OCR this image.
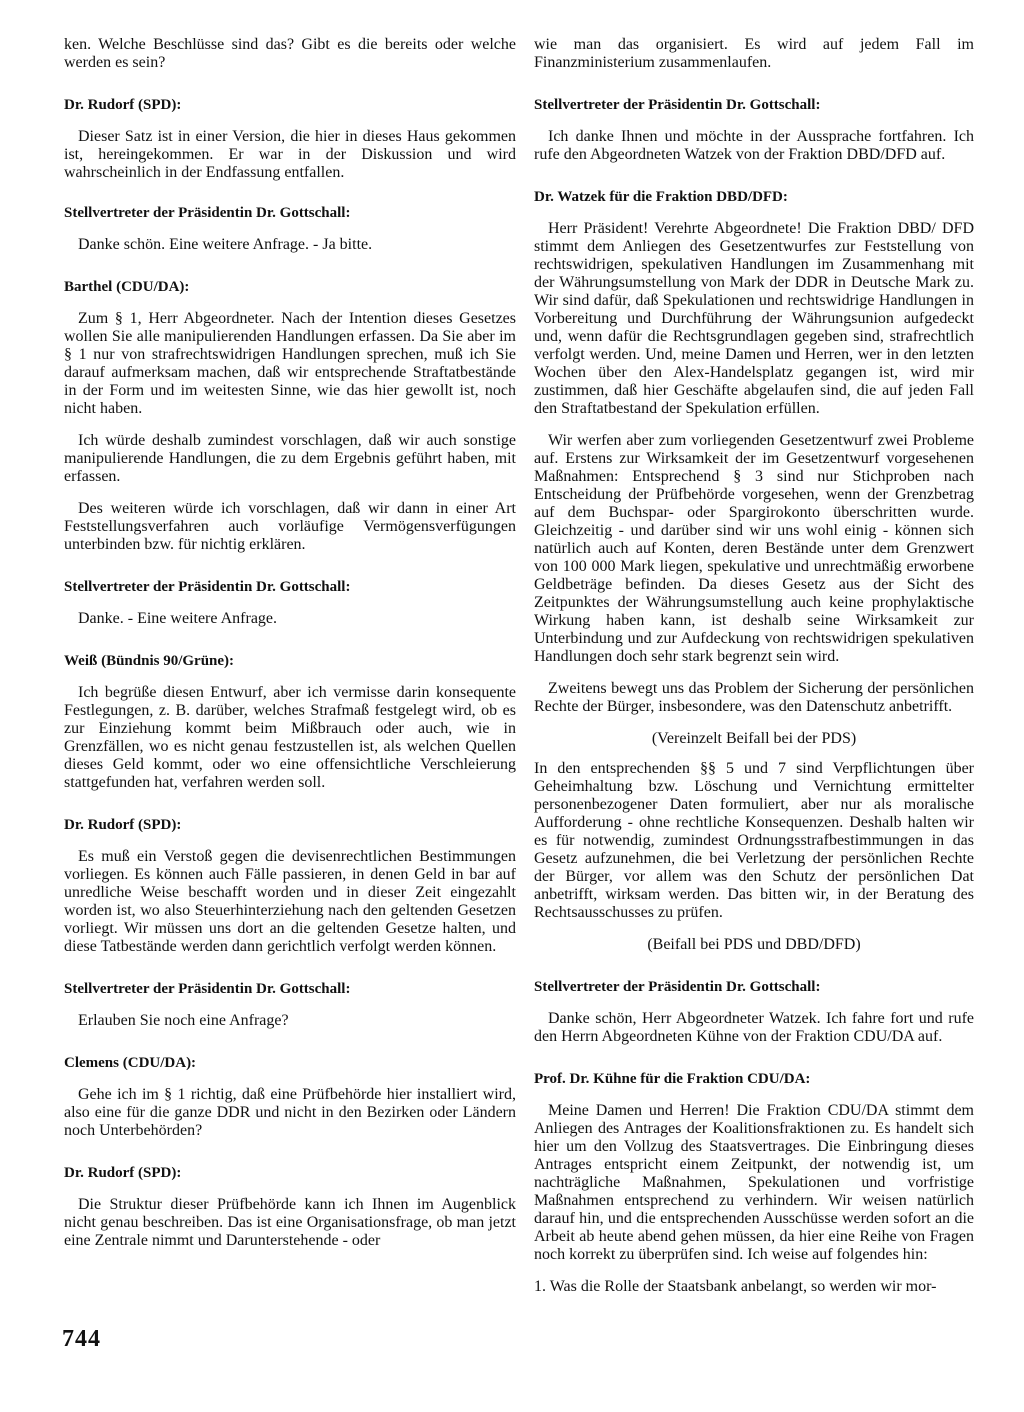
ken. Welche Beschlüsse sind das? Gibt es die bereits oder welche werden es sein?

Dr. Rudorf (SPD):

Dieser Satz ist in einer Version, die hier in dieses Haus gekommen ist, hereingekommen. Er war in der Diskussion und wird wahrscheinlich in der Endfassung entfallen.

Stellvertreter der Präsidentin Dr. Gottschall:

Danke schön. Eine weitere Anfrage. - Ja bitte.

Barthel (CDU/DA):

Zum § 1, Herr Abgeordneter. Nach der Intention dieses Gesetzes wollen Sie alle manipulierenden Handlungen erfassen. Da Sie aber im § 1 nur von strafrechtswidrigen Handlungen sprechen, muß ich Sie darauf aufmerksam machen, daß wir entsprechende Straftatbestände in der Form und im weitesten Sinne, wie das hier gewollt ist, noch nicht haben.

Ich würde deshalb zumindest vorschlagen, daß wir auch sonstige manipulierende Handlungen, die zu dem Ergebnis geführt haben, mit erfassen.

Des weiteren würde ich vorschlagen, daß wir dann in einer Art Feststellungsverfahren auch vorläufige Vermögensverfügungen unterbinden bzw. für nichtig erklären.

Stellvertreter der Präsidentin Dr. Gottschall:

Danke. - Eine weitere Anfrage.

Weiß (Bündnis 90/Grüne):

Ich begrüße diesen Entwurf, aber ich vermisse darin konsequente Festlegungen, z. B. darüber, welches Strafmaß festgelegt wird, ob es zur Einziehung kommt beim Mißbrauch oder auch, wie in Grenzfällen, wo es nicht genau festzustellen ist, als welchen Quellen dieses Geld kommt, oder wo eine offensichtliche Verschleierung stattgefunden hat, verfahren werden soll.

Dr. Rudorf (SPD):

Es muß ein Verstoß gegen die devisenrechtlichen Bestimmungen vorliegen. Es können auch Fälle passieren, in denen Geld in bar auf unredliche Weise beschafft worden und in dieser Zeit eingezahlt worden ist, wo also Steuerhinterziehung nach den geltenden Gesetzen vorliegt. Wir müssen uns dort an die geltenden Gesetze halten, und diese Tatbestände werden dann gerichtlich verfolgt werden können.

Stellvertreter der Präsidentin Dr. Gottschall:

Erlauben Sie noch eine Anfrage?

Clemens (CDU/DA):

Gehe ich im § 1 richtig, daß eine Prüfbehörde hier installiert wird, also eine für die ganze DDR und nicht in den Bezirken oder Ländern noch Unterbehörden?

Dr. Rudorf (SPD):

Die Struktur dieser Prüfbehörde kann ich Ihnen im Augenblick nicht genau beschreiben. Das ist eine Organisationsfrage, ob man jetzt eine Zentrale nimmt und Darunterstehende - oder

wie man das organisiert. Es wird auf jedem Fall im Finanzministerium zusammenlaufen.

Stellvertreter der Präsidentin Dr. Gottschall:

Ich danke Ihnen und möchte in der Aussprache fortfahren. Ich rufe den Abgeordneten Watzek von der Fraktion DBD/DFD auf.

Dr. Watzek für die Fraktion DBD/DFD:

Herr Präsident! Verehrte Abgeordnete! Die Fraktion DBD/ DFD stimmt dem Anliegen des Gesetzentwurfes zur Feststellung von rechtswidrigen, spekulativen Handlungen im Zusammenhang mit der Währungsumstellung von Mark der DDR in Deutsche Mark zu. Wir sind dafür, daß Spekulationen und rechtswidrige Handlungen in Vorbereitung und Durchführung der Währungsunion aufgedeckt und, wenn dafür die Rechtsgrundlagen gegeben sind, strafrechtlich verfolgt werden. Und, meine Damen und Herren, wer in den letzten Wochen über den Alex-Handelsplatz gegangen ist, wird mir zustimmen, daß hier Geschäfte abgelaufen sind, die auf jeden Fall den Straftatbestand der Spekulation erfüllen.

Wir werfen aber zum vorliegenden Gesetzentwurf zwei Probleme auf. Erstens zur Wirksamkeit der im Gesetzentwurf vorgesehenen Maßnahmen: Entsprechend § 3 sind nur Stichproben nach Entscheidung der Prüfbehörde vorgesehen, wenn der Grenzbetrag auf dem Buchspar- oder Spargirokonto überschritten wurde. Gleichzeitig - und darüber sind wir uns wohl einig - können sich natürlich auch auf Konten, deren Bestände unter dem Grenzwert von 100 000 Mark liegen, spekulative und unrechtmäßig erworbene Geldbeträge befinden. Da dieses Gesetz aus der Sicht des Zeitpunktes der Währungsumstellung auch keine prophylaktische Wirkung haben kann, ist deshalb seine Wirksamkeit zur Unterbindung und zur Aufdeckung von rechtswidrigen spekulativen Handlungen doch sehr stark begrenzt sein wird.

Zweitens bewegt uns das Problem der Sicherung der persönlichen Rechte der Bürger, insbesondere, was den Datenschutz anbetrifft.

(Vereinzelt Beifall bei der PDS)

In den entsprechenden §§ 5 und 7 sind Verpflichtungen über Geheimhaltung bzw. Löschung und Vernichtung ermittelter personenbezogener Daten formuliert, aber nur als moralische Aufforderung - ohne rechtliche Konsequenzen. Deshalb halten wir es für notwendig, zumindest Ordnungsstrafbestimmungen in das Gesetz aufzunehmen, die bei Verletzung der persönlichen Rechte der Bürger, vor allem was den Schutz der persönlichen Dat anbetrifft, wirksam werden. Das bitten wir, in der Beratung des Rechtsausschusses zu prüfen.

(Beifall bei PDS und DBD/DFD)

Stellvertreter der Präsidentin Dr. Gottschall:

Danke schön, Herr Abgeordneter Watzek. Ich fahre fort und rufe den Herrn Abgeordneten Kühne von der Fraktion CDU/DA auf.

Prof. Dr. Kühne für die Fraktion CDU/DA:

Meine Damen und Herren! Die Fraktion CDU/DA stimmt dem Anliegen des Antrages der Koalitionsfraktionen zu. Es handelt sich hier um den Vollzug des Staatsvertrages. Die Einbringung dieses Antrages entspricht einem Zeitpunkt, der notwendig ist, um nachträgliche Maßnahmen, Spekulationen und vorfristige Maßnahmen entsprechend zu verhindern. Wir weisen natürlich darauf hin, und die entsprechenden Ausschüsse werden sofort an die Arbeit ab heute abend gehen müssen, da hier eine Reihe von Fragen noch korrekt zu überprüfen sind. Ich weise auf folgendes hin:

1. Was die Rolle der Staatsbank anbelangt, so werden wir mor-

744
